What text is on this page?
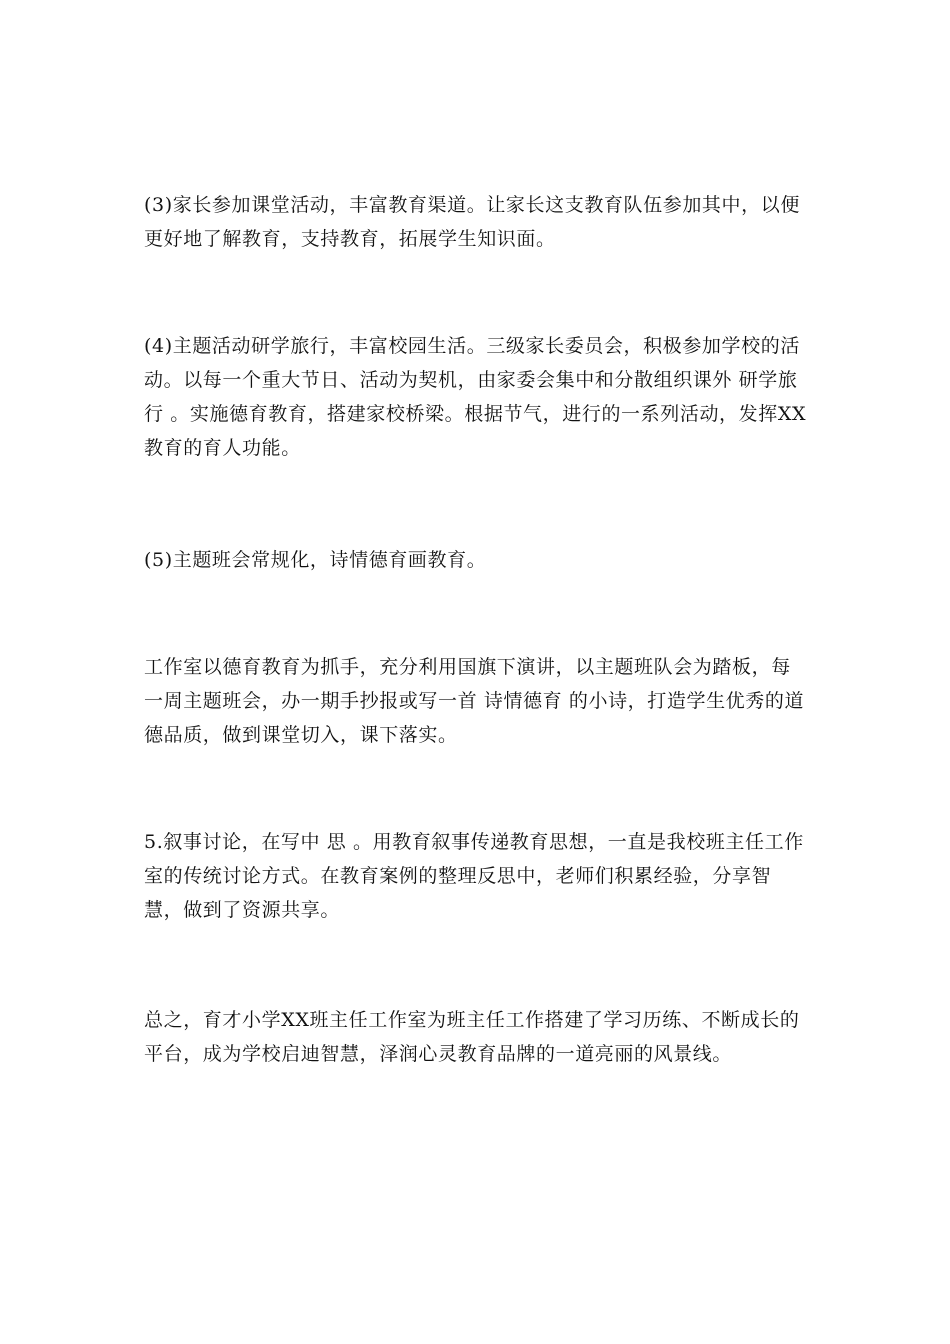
(3)家长参加课堂活动，丰富教育渠道。让家长这支教育队伍参加其中，以便更好地了解教育，支持教育，拓展学生知识面。

(4)主题活动研学旅行，丰富校园生活。三级家长委员会，积极参加学校的活动。以每一个重大节日、活动为契机，由家委会集中和分散组织课外 研学旅行 。实施德育教育，搭建家校桥梁。根据节气，进行的一系列活动，发挥XX教育的育人功能。

(5)主题班会常规化，诗情德育画教育。

工作室以德育教育为抓手，充分利用国旗下演讲，以主题班队会为踏板，每一周主题班会，办一期手抄报或写一首 诗情德育 的小诗，打造学生优秀的道德品质，做到课堂切入，课下落实。

5.叙事讨论，在写中 思 。用教育叙事传递教育思想，一直是我校班主任工作室的传统讨论方式。在教育案例的整理反思中，老师们积累经验，分享智慧，做到了资源共享。

总之，育才小学XX班主任工作室为班主任工作搭建了学习历练、不断成长的平台，成为学校启迪智慧，泽润心灵教育品牌的一道亮丽的风景线。
